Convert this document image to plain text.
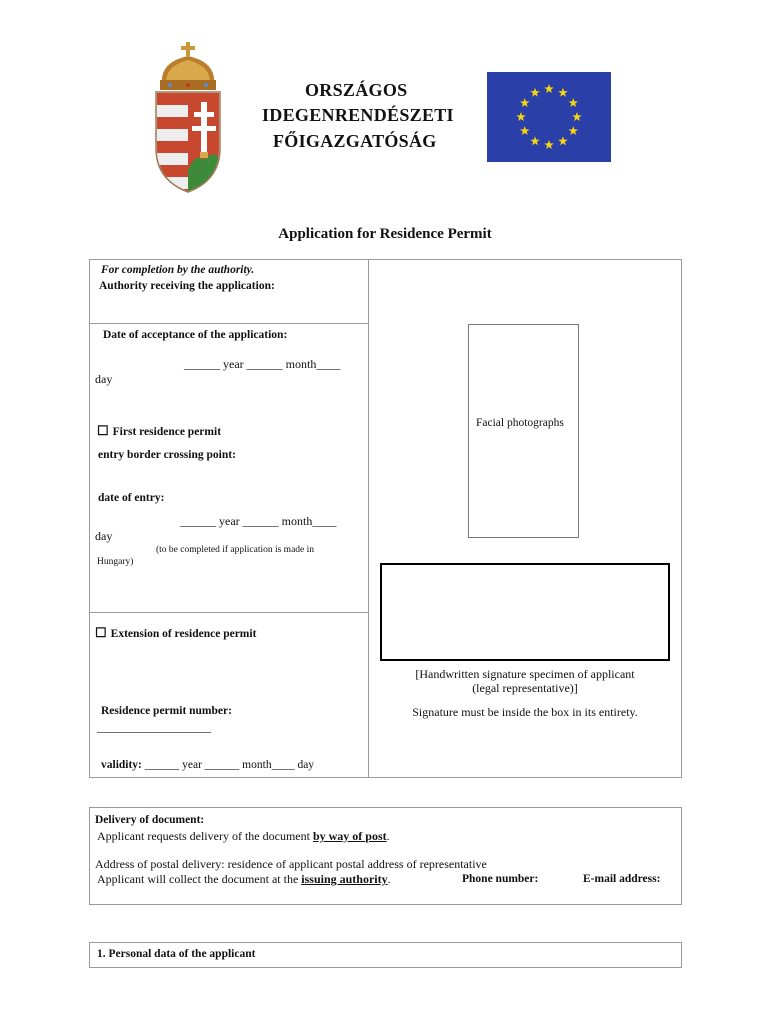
ORSZÁGOS
IDEGENRENDÉSZETI
FŐIGAZGATÓSÁG
Application for Residence Permit
For completion by the authority.
Authority receiving the application:
Date of acceptance of the application:
______ year ______ month____
day
☐ First residence permit
entry border crossing point:
date of entry:
______ year ______ month____
day
(to be completed if application is made in
Hungary)
☐ Extension of residence permit
Residence permit number:
___________________
validity: ______ year ______ month____ day
Facial photographs
[Handwritten signature specimen of applicant
(legal representative)]
Signature must be inside the box in its entirety.
Delivery of document:
Applicant requests delivery of the document by way of post.
Address of postal delivery: residence of applicant postal address of representative
Applicant will collect the document at the issuing authority.	Phone number:	E-mail address:
1. Personal data of the applicant
